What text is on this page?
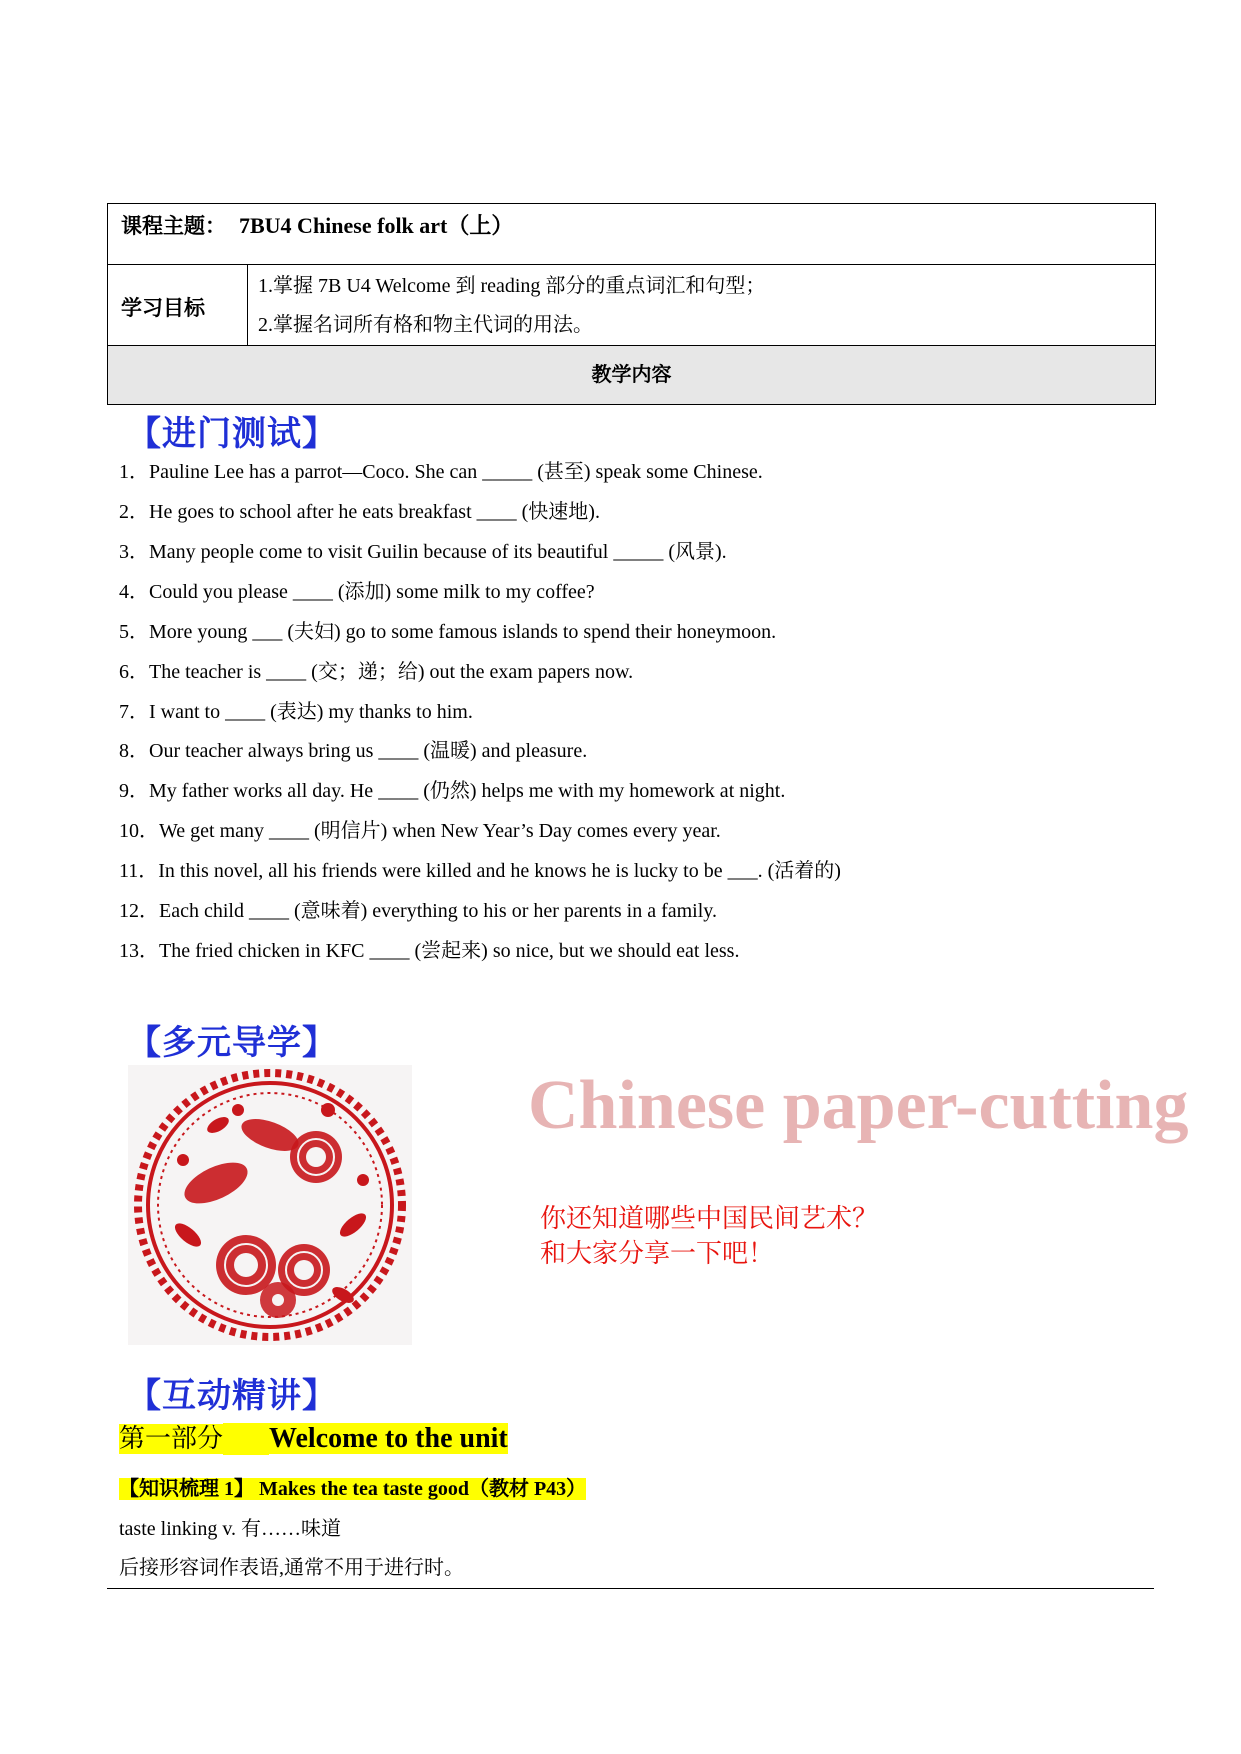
课程主题： 7BU4 Chinese folk art（上）
学习目标
1.掌握 7B U4 Welcome 到 reading 部分的重点词汇和句型；
2.掌握名词所有格和物主代词的用法。
教学内容
【进门测试】
1．Pauline Lee has a parrot—Coco. She can _____ (甚至) speak some Chinese.
2．He goes to school after he eats breakfast ____ (快速地).
3．Many people come to visit Guilin because of its beautiful _____ (风景).
4．Could you please ____ (添加) some milk to my coffee?
5．More young ___ (夫妇) go to some famous islands to spend their honeymoon.
6．The teacher is ____ (交；递；给) out the exam papers now.
7．I want to ____ (表达) my thanks to him.
8．Our teacher always bring us ____ (温暖) and pleasure.
9．My father works all day. He ____ (仍然) helps me with my homework at night.
10．We get many ____ (明信片) when New Year’s Day comes every year.
11．In this novel, all his friends were killed and he knows he is lucky to be ___. (活着的)
12．Each child ____ (意味着) everything to his or her parents in a family.
13．The fried chicken in KFC ____ (尝起来) so nice, but we should eat less.
【多元导学】
Chinese paper-cutting
你还知道哪些中国民间艺术？
和大家分享一下吧！
【互动精讲】
第一部分 Welcome to the unit
【知识梳理 1】 Makes the tea taste good（教材 P43）
taste linking v. 有……味道
后接形容词作表语,通常不用于进行时。
